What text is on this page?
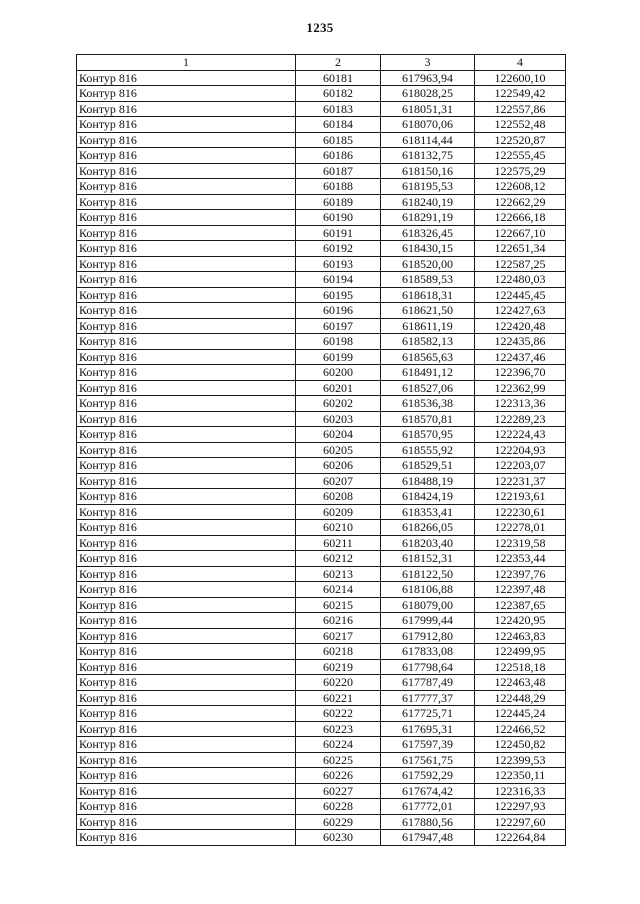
1235
1	2	3	4
Контур 816	60181	617963,94	122600,10
Контур 816	60182	618028,25	122549,42
Контур 816	60183	618051,31	122557,86
Контур 816	60184	618070,06	122552,48
Контур 816	60185	618114,44	122520,87
Контур 816	60186	618132,75	122555,45
Контур 816	60187	618150,16	122575,29
Контур 816	60188	618195,53	122608,12
Контур 816	60189	618240,19	122662,29
Контур 816	60190	618291,19	122666,18
Контур 816	60191	618326,45	122667,10
Контур 816	60192	618430,15	122651,34
Контур 816	60193	618520,00	122587,25
Контур 816	60194	618589,53	122480,03
Контур 816	60195	618618,31	122445,45
Контур 816	60196	618621,50	122427,63
Контур 816	60197	618611,19	122420,48
Контур 816	60198	618582,13	122435,86
Контур 816	60199	618565,63	122437,46
Контур 816	60200	618491,12	122396,70
Контур 816	60201	618527,06	122362,99
Контур 816	60202	618536,38	122313,36
Контур 816	60203	618570,81	122289,23
Контур 816	60204	618570,95	122224,43
Контур 816	60205	618555,92	122204,93
Контур 816	60206	618529,51	122203,07
Контур 816	60207	618488,19	122231,37
Контур 816	60208	618424,19	122193,61
Контур 816	60209	618353,41	122230,61
Контур 816	60210	618266,05	122278,01
Контур 816	60211	618203,40	122319,58
Контур 816	60212	618152,31	122353,44
Контур 816	60213	618122,50	122397,76
Контур 816	60214	618106,88	122397,48
Контур 816	60215	618079,00	122387,65
Контур 816	60216	617999,44	122420,95
Контур 816	60217	617912,80	122463,83
Контур 816	60218	617833,08	122499,95
Контур 816	60219	617798,64	122518,18
Контур 816	60220	617787,49	122463,48
Контур 816	60221	617777,37	122448,29
Контур 816	60222	617725,71	122445,24
Контур 816	60223	617695,31	122466,52
Контур 816	60224	617597,39	122450,82
Контур 816	60225	617561,75	122399,53
Контур 816	60226	617592,29	122350,11
Контур 816	60227	617674,42	122316,33
Контур 816	60228	617772,01	122297,93
Контур 816	60229	617880,56	122297,60
Контур 816	60230	617947,48	122264,84
